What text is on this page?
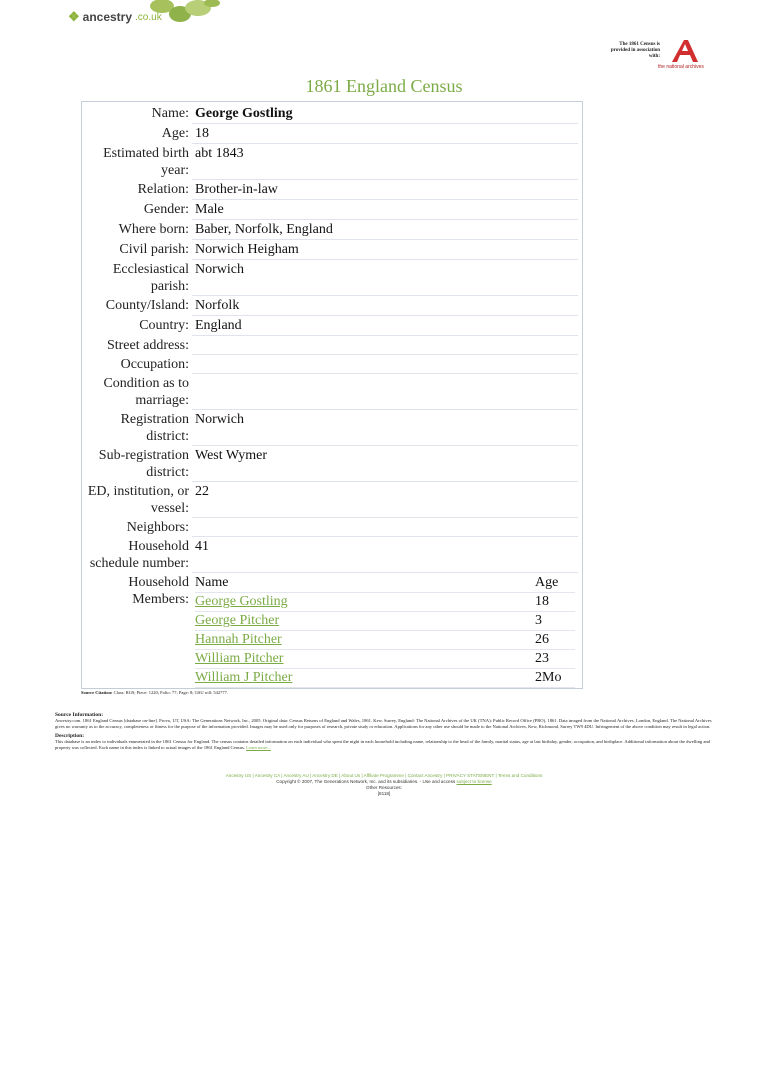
❖ ancestry .co.uk
The 1861 Census is provided in association with:
the national archives
1861 England Census
Name:	George Gostling
Age:	18
Estimated birth year:	abt 1843
Relation:	Brother-in-law
Gender:	Male
Where born:	Baber, Norfolk, England
Civil parish:	Norwich Heigham
Ecclesiastical parish:	Norwich
County/Island:	Norfolk
Country:	England
Street address:	
Occupation:	
Condition as to marriage:	
Registration district:	Norwich
Sub-registration district:	West Wymer
ED, institution, or vessel:	22
Neighbors:	
Household schedule number:	41
Household Members:	
Name	Age
George Gostling	18
George Pitcher	3
Hannah Pitcher	26
William Pitcher	23
William J Pitcher	2Mo
Source Citation: Class: RG9; Piece: 1220; Folio: 77; Page: 8; GSU roll: 542777.
Source Information:
Ancestry.com. 1861 England Census [database on-line]. Provo, UT, USA: The Generations Network, Inc., 2005. Original data: Census Returns of England and Wales, 1861. Kew, Surrey, England: The National Archives of the UK (TNA): Public Record Office (PRO), 1861. Data imaged from the National Archives, London, England. The National Archives gives no warranty as to the accuracy, completeness or fitness for the purpose of the information provided. Images may be used only for purposes of research, private study or education. Applications for any other use should be made to the National Archives, Kew, Richmond, Surrey TW9 4DU. Infringement of the above condition may result in legal action.
Description:
This database is an index to individuals enumerated in the 1861 Census for England. The census contains detailed information on each individual who spent the night in each household including name, relationship to the head of the family, marital status, age at last birthday, gender, occupation, and birthplace. Additional information about the dwelling and property was collected. Each name in this index is linked to actual images of the 1861 England Census. Learn more...
Ancestry US | Ancestry CA | Ancestry AU | Ancestry DE | About Us | Affiliate Programme | Contact Ancestry | PRIVACY STATEMENT | Terms and Conditions
Copyright © 2007, The Generations Network, Inc. and its subsidiaries. - Use and access subject to license
Other Resources:
[8118]
